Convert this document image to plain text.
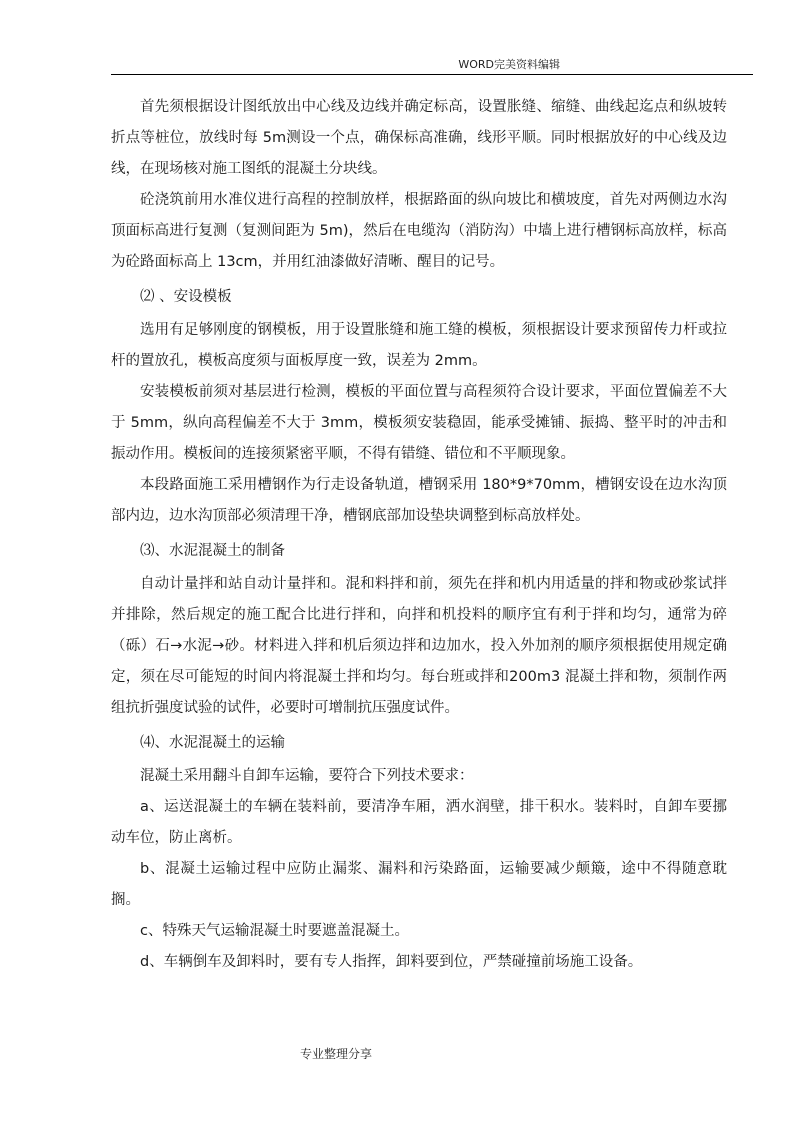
WORD完美资料编辑

首先须根据设计图纸放出中心线及边线并确定标高，设置胀缝、缩缝、曲线起迄点和纵坡转折点等桩位，放线时每 5m测设一个点，确保标高准确，线形平顺。同时根据放好的中心线及边线，在现场核对施工图纸的混凝土分块线。

砼浇筑前用水准仪进行高程的控制放样，根据路面的纵向坡比和横坡度，首先对两侧边水沟顶面标高进行复测（复测间距为 5m)，然后在电缆沟（消防沟）中墙上进行槽钢标高放样，标高为砼路面标高上 13cm，并用红油漆做好清晰、醒目的记号。

⑵ 、安设模板

选用有足够刚度的钢模板，用于设置胀缝和施工缝的模板，须根据设计要求预留传力杆或拉杆的置放孔，模板高度须与面板厚度一致，误差为 2mm。

安装模板前须对基层进行检测，模板的平面位置与高程须符合设计要求，平面位置偏差不大于 5mm，纵向高程偏差不大于 3mm，模板须安装稳固，能承受摊铺、振捣、整平时的冲击和振动作用。模板间的连接须紧密平顺，不得有错缝、错位和不平顺现象。

本段路面施工采用槽钢作为行走设备轨道，槽钢采用 180*9*70mm，槽钢安设在边水沟顶部内边，边水沟顶部必须清理干净，槽钢底部加设垫块调整到标高放样处。

⑶、水泥混凝土的制备

自动计量拌和站自动计量拌和。混和料拌和前，须先在拌和机内用适量的拌和物或砂浆试拌并排除，然后规定的施工配合比进行拌和，向拌和机投料的顺序宜有利于拌和均匀，通常为碎（砾）石→水泥→砂。材料进入拌和机后须边拌和边加水，投入外加剂的顺序须根据使用规定确定，须在尽可能短的时间内将混凝土拌和均匀。每台班或拌和200m3 混凝土拌和物，须制作两组抗折强度试验的试件，必要时可增制抗压强度试件。

⑷、水泥混凝土的运输

混凝土采用翻斗自卸车运输，要符合下列技术要求：

a、运送混凝土的车辆在装料前，要清净车厢，洒水润壁，排干积水。装料时，自卸车要挪动车位，防止离析。

b、混凝土运输过程中应防止漏浆、漏料和污染路面，运输要减少颠簸，途中不得随意耽搁。

c、特殊天气运输混凝土时要遮盖混凝土。

d、车辆倒车及卸料时，要有专人指挥，卸料要到位，严禁碰撞前场施工设备。

专业整理分享
